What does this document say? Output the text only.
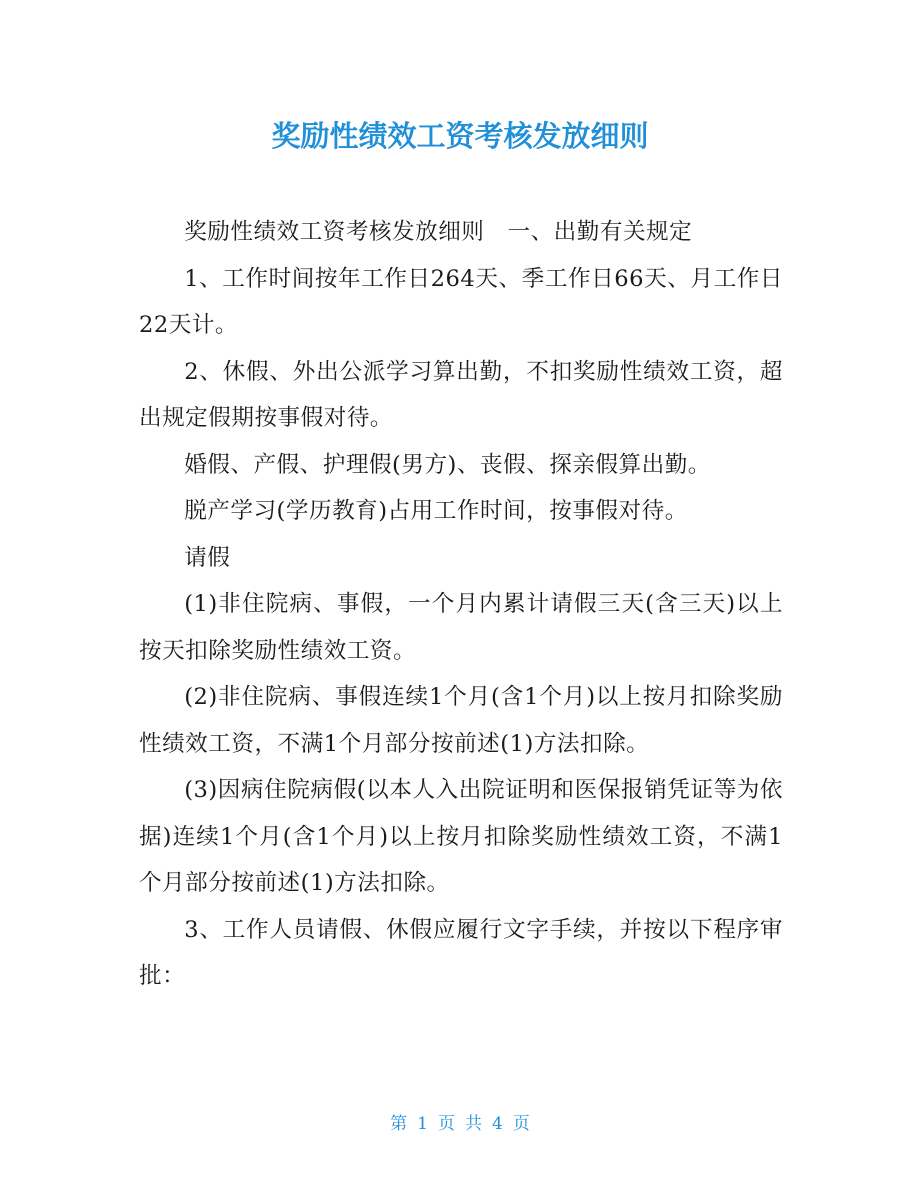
奖励性绩效工资考核发放细则

奖励性绩效工资考核发放细则　一、出勤有关规定

1、工作时间按年工作日264天、季工作日66天、月工作日22天计。

2、休假、外出公派学习算出勤，不扣奖励性绩效工资，超出规定假期按事假对待。

婚假、产假、护理假(男方)、丧假、探亲假算出勤。

脱产学习(学历教育)占用工作时间，按事假对待。

请假

(1)非住院病、事假，一个月内累计请假三天(含三天)以上按天扣除奖励性绩效工资。

(2)非住院病、事假连续1个月(含1个月)以上按月扣除奖励性绩效工资，不满1个月部分按前述(1)方法扣除。

(3)因病住院病假(以本人入出院证明和医保报销凭证等为依据)连续1个月(含1个月)以上按月扣除奖励性绩效工资，不满1个月部分按前述(1)方法扣除。

3、工作人员请假、休假应履行文字手续，并按以下程序审批：

第 1 页 共 4 页
